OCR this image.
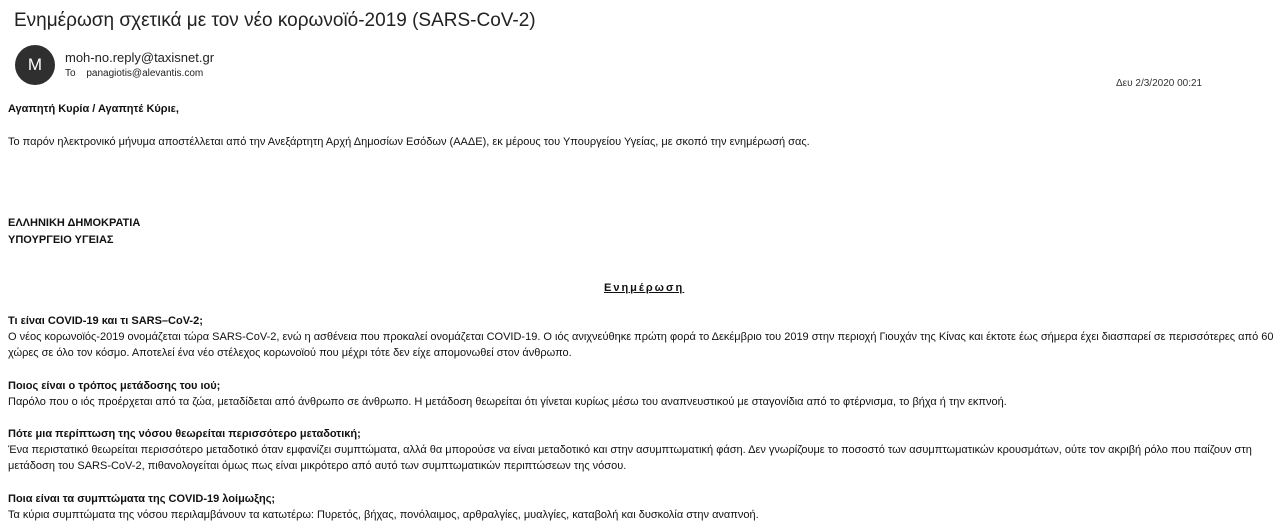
Ενημέρωση σχετικά με τον νέο κορωνοϊό-2019 (SARS-CoV-2)
M	moh-no.reply@taxisnet.gr
To panagiotis@alevantis.com
Δευ 2/3/2020 00:21
Αγαπητή Κυρία / Αγαπητέ Κύριε,
Το παρόν ηλεκτρονικό μήνυμα αποστέλλεται από την Ανεξάρτητη Αρχή Δημοσίων Εσόδων (ΑΑΔΕ), εκ μέρους του Υπουργείου Υγείας, με σκοπό την ενημέρωσή σας.
ΕΛΛΗΝΙΚΗ ΔΗΜΟΚΡΑΤΙΑ
ΥΠΟΥΡΓΕΙΟ ΥΓΕΙΑΣ
Ενημέρωση
Τι είναι COVID-19 και τι SARS–CoV-2;
Ο νέος κορωνοϊός-2019 ονομάζεται τώρα SARS-CoV-2, ενώ η ασθένεια που προκαλεί ονομάζεται COVID-19. Ο ιός ανιχνεύθηκε πρώτη φορά το Δεκέμβριο του 2019 στην περιοχή Γιουχάν της Κίνας και έκτοτε έως σήμερα έχει διασπαρεί σε περισσότερες από 60 χώρες σε όλο τον κόσμο. Αποτελεί ένα νέο στέλεχος κορωνοϊού που μέχρι τότε δεν είχε απομονωθεί στον άνθρωπο.
Ποιος είναι ο τρόπος μετάδοσης του ιού;
Παρόλο που ο ιός προέρχεται από τα ζώα, μεταδίδεται από άνθρωπο σε άνθρωπο. Η μετάδοση θεωρείται ότι γίνεται κυρίως μέσω του αναπνευστικού με σταγονίδια από το φτέρνισμα, το βήχα ή την εκπνοή.
Πότε μια περίπτωση της νόσου θεωρείται περισσότερο μεταδοτική;
Ένα περιστατικό θεωρείται περισσότερο μεταδοτικό όταν εμφανίζει συμπτώματα, αλλά θα μπορούσε να είναι μεταδοτικό και στην ασυμπτωματική φάση. Δεν γνωρίζουμε το ποσοστό των ασυμπτωματικών κρουσμάτων, ούτε τον ακριβή ρόλο που παίζουν στη μετάδοση του SARS-CoV-2, πιθανολογείται όμως πως είναι μικρότερο από αυτό των συμπτωματικών περιπτώσεων της νόσου.
Ποια είναι τα συμπτώματα της COVID-19 λοίμωξης;
Τα κύρια συμπτώματα της νόσου περιλαμβάνουν τα κατωτέρω: Πυρετός, βήχας, πονόλαιμος, αρθραλγίες, μυαλγίες, καταβολή και δυσκολία στην αναπνοή.
